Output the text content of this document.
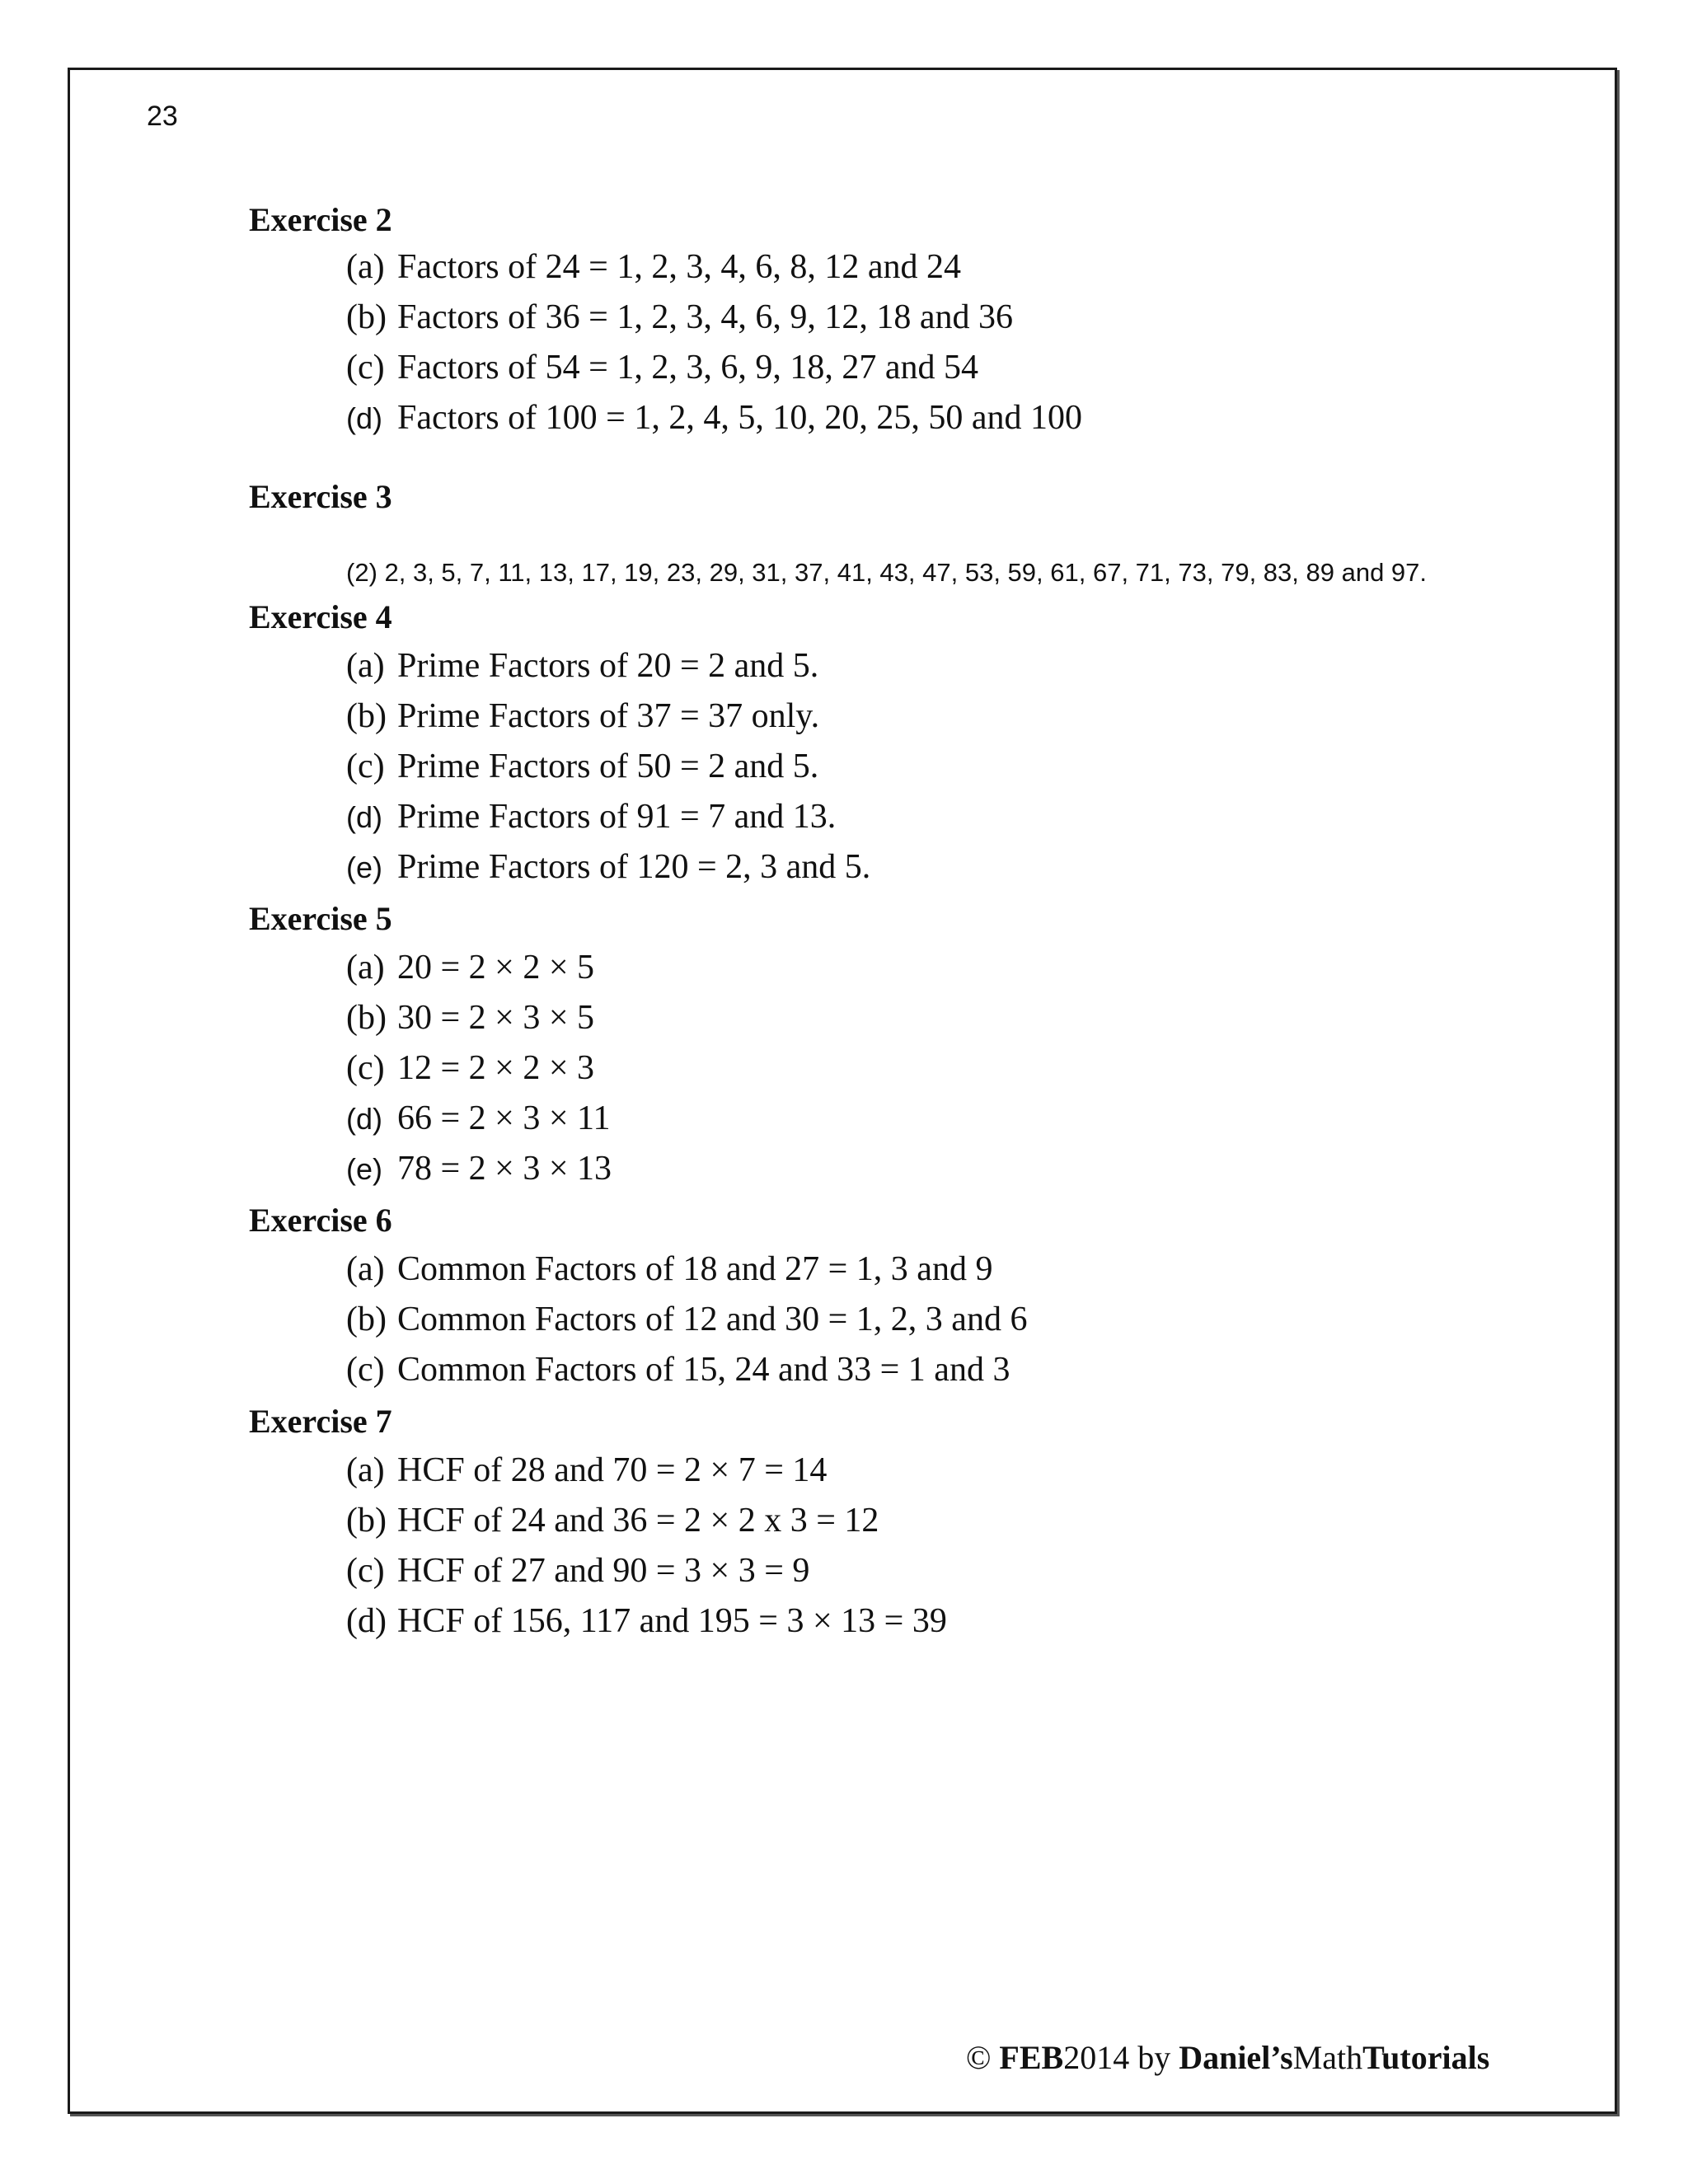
23
Exercise 2
(a) Factors of 24 = 1, 2, 3, 4, 6, 8, 12 and 24
(b) Factors of 36 = 1, 2, 3, 4, 6, 9, 12, 18 and 36
(c) Factors of 54 = 1, 2, 3, 6, 9, 18, 27 and 54
(d) Factors of 100 = 1, 2, 4, 5, 10, 20, 25, 50 and 100
Exercise 3
(2) 2, 3, 5, 7, 11, 13, 17, 19, 23, 29, 31, 37, 41, 43, 47, 53, 59, 61, 67, 71, 73, 79, 83, 89 and 97.
Exercise 4
(a) Prime Factors of 20 = 2 and 5.
(b) Prime Factors of 37 = 37 only.
(c) Prime Factors of 50 = 2 and 5.
(d) Prime Factors of 91 = 7 and 13.
(e) Prime Factors of 120 = 2, 3 and 5.
Exercise 5
(a) 20 = 2 × 2 × 5
(b) 30 = 2 × 3 × 5
(c) 12 = 2 × 2 × 3
(d) 66 = 2 × 3 × 11
(e) 78 = 2 × 3 × 13
Exercise 6
(a) Common Factors of 18 and 27 = 1, 3 and 9
(b) Common Factors of 12 and 30 = 1, 2, 3 and 6
(c) Common Factors of 15, 24 and 33 = 1 and 3
Exercise 7
(a) HCF of 28 and 70 = 2 × 7 = 14
(b) HCF of 24 and 36 = 2 × 2 x 3 = 12
(c) HCF of 27 and 90 = 3 × 3 = 9
(d) HCF of 156, 117 and 195 = 3 × 13 = 39
© FEB2014 by Daniel’sMathTutorials
